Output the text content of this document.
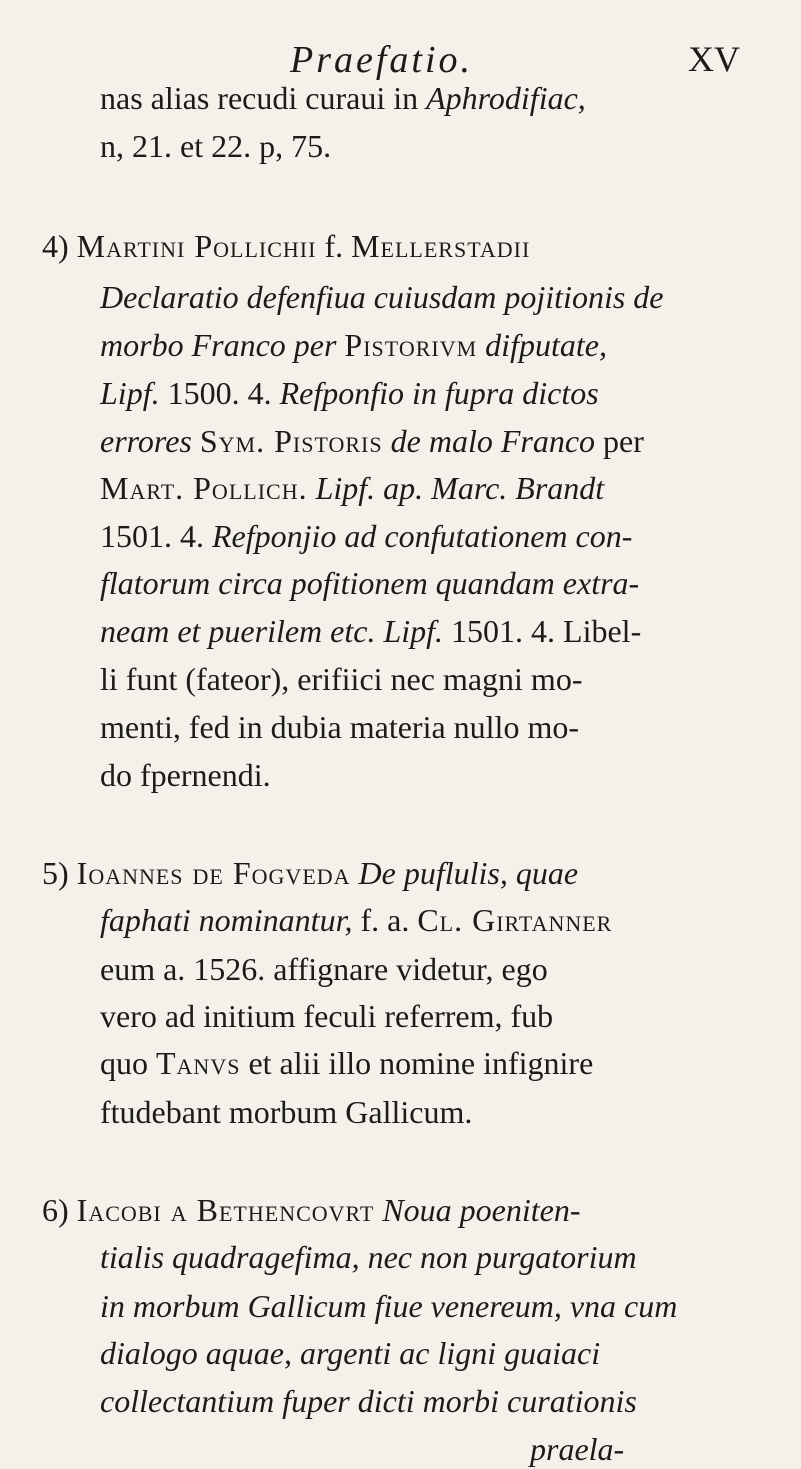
Praefatio.	XV
nas alias recudi curaui in Aphrodifiac,
n, 21. et 22. p, 75.
4) Martini Pollichii f. Mellerstadii
Declaratio defenfiua cuiusdam pojitionis de
morbo Franco per Pistorivm difputate,
Lipf. 1500. 4. Refponfio in fupra dictos
errores Sym. Pistoris de malo Franco per
Mart. Pollich. Lipf. ap. Marc. Brandt
1501. 4. Refponjio ad confutationem con-
flatorum circa pofitionem quandam extra-
neam et puerilem etc. Lipf. 1501. 4. Libel-
li funt (fateor), erifiici nec magni mo-
menti, fed in dubia materia nullo mo-
do fpernendi.
5) Ioannes de Fogveda De puflulis, quae
faphati nominantur, f. a. Cl. Girtanner
eum a. 1526. affignare videtur, ego
vero ad initium feculi referrem, fub
quo Tanvs et alii illo nomine infignire
ftudebant morbum Gallicum.
6) Iacobi a Bethencovrt Noua poeniten-
tialis quadragefima, nec non purgatorium
in morbum Gallicum fiue venereum, vna cum
dialogo aquae, argenti ac ligni guaiaci
collectantium fuper dicti morbi curationis
praela-
